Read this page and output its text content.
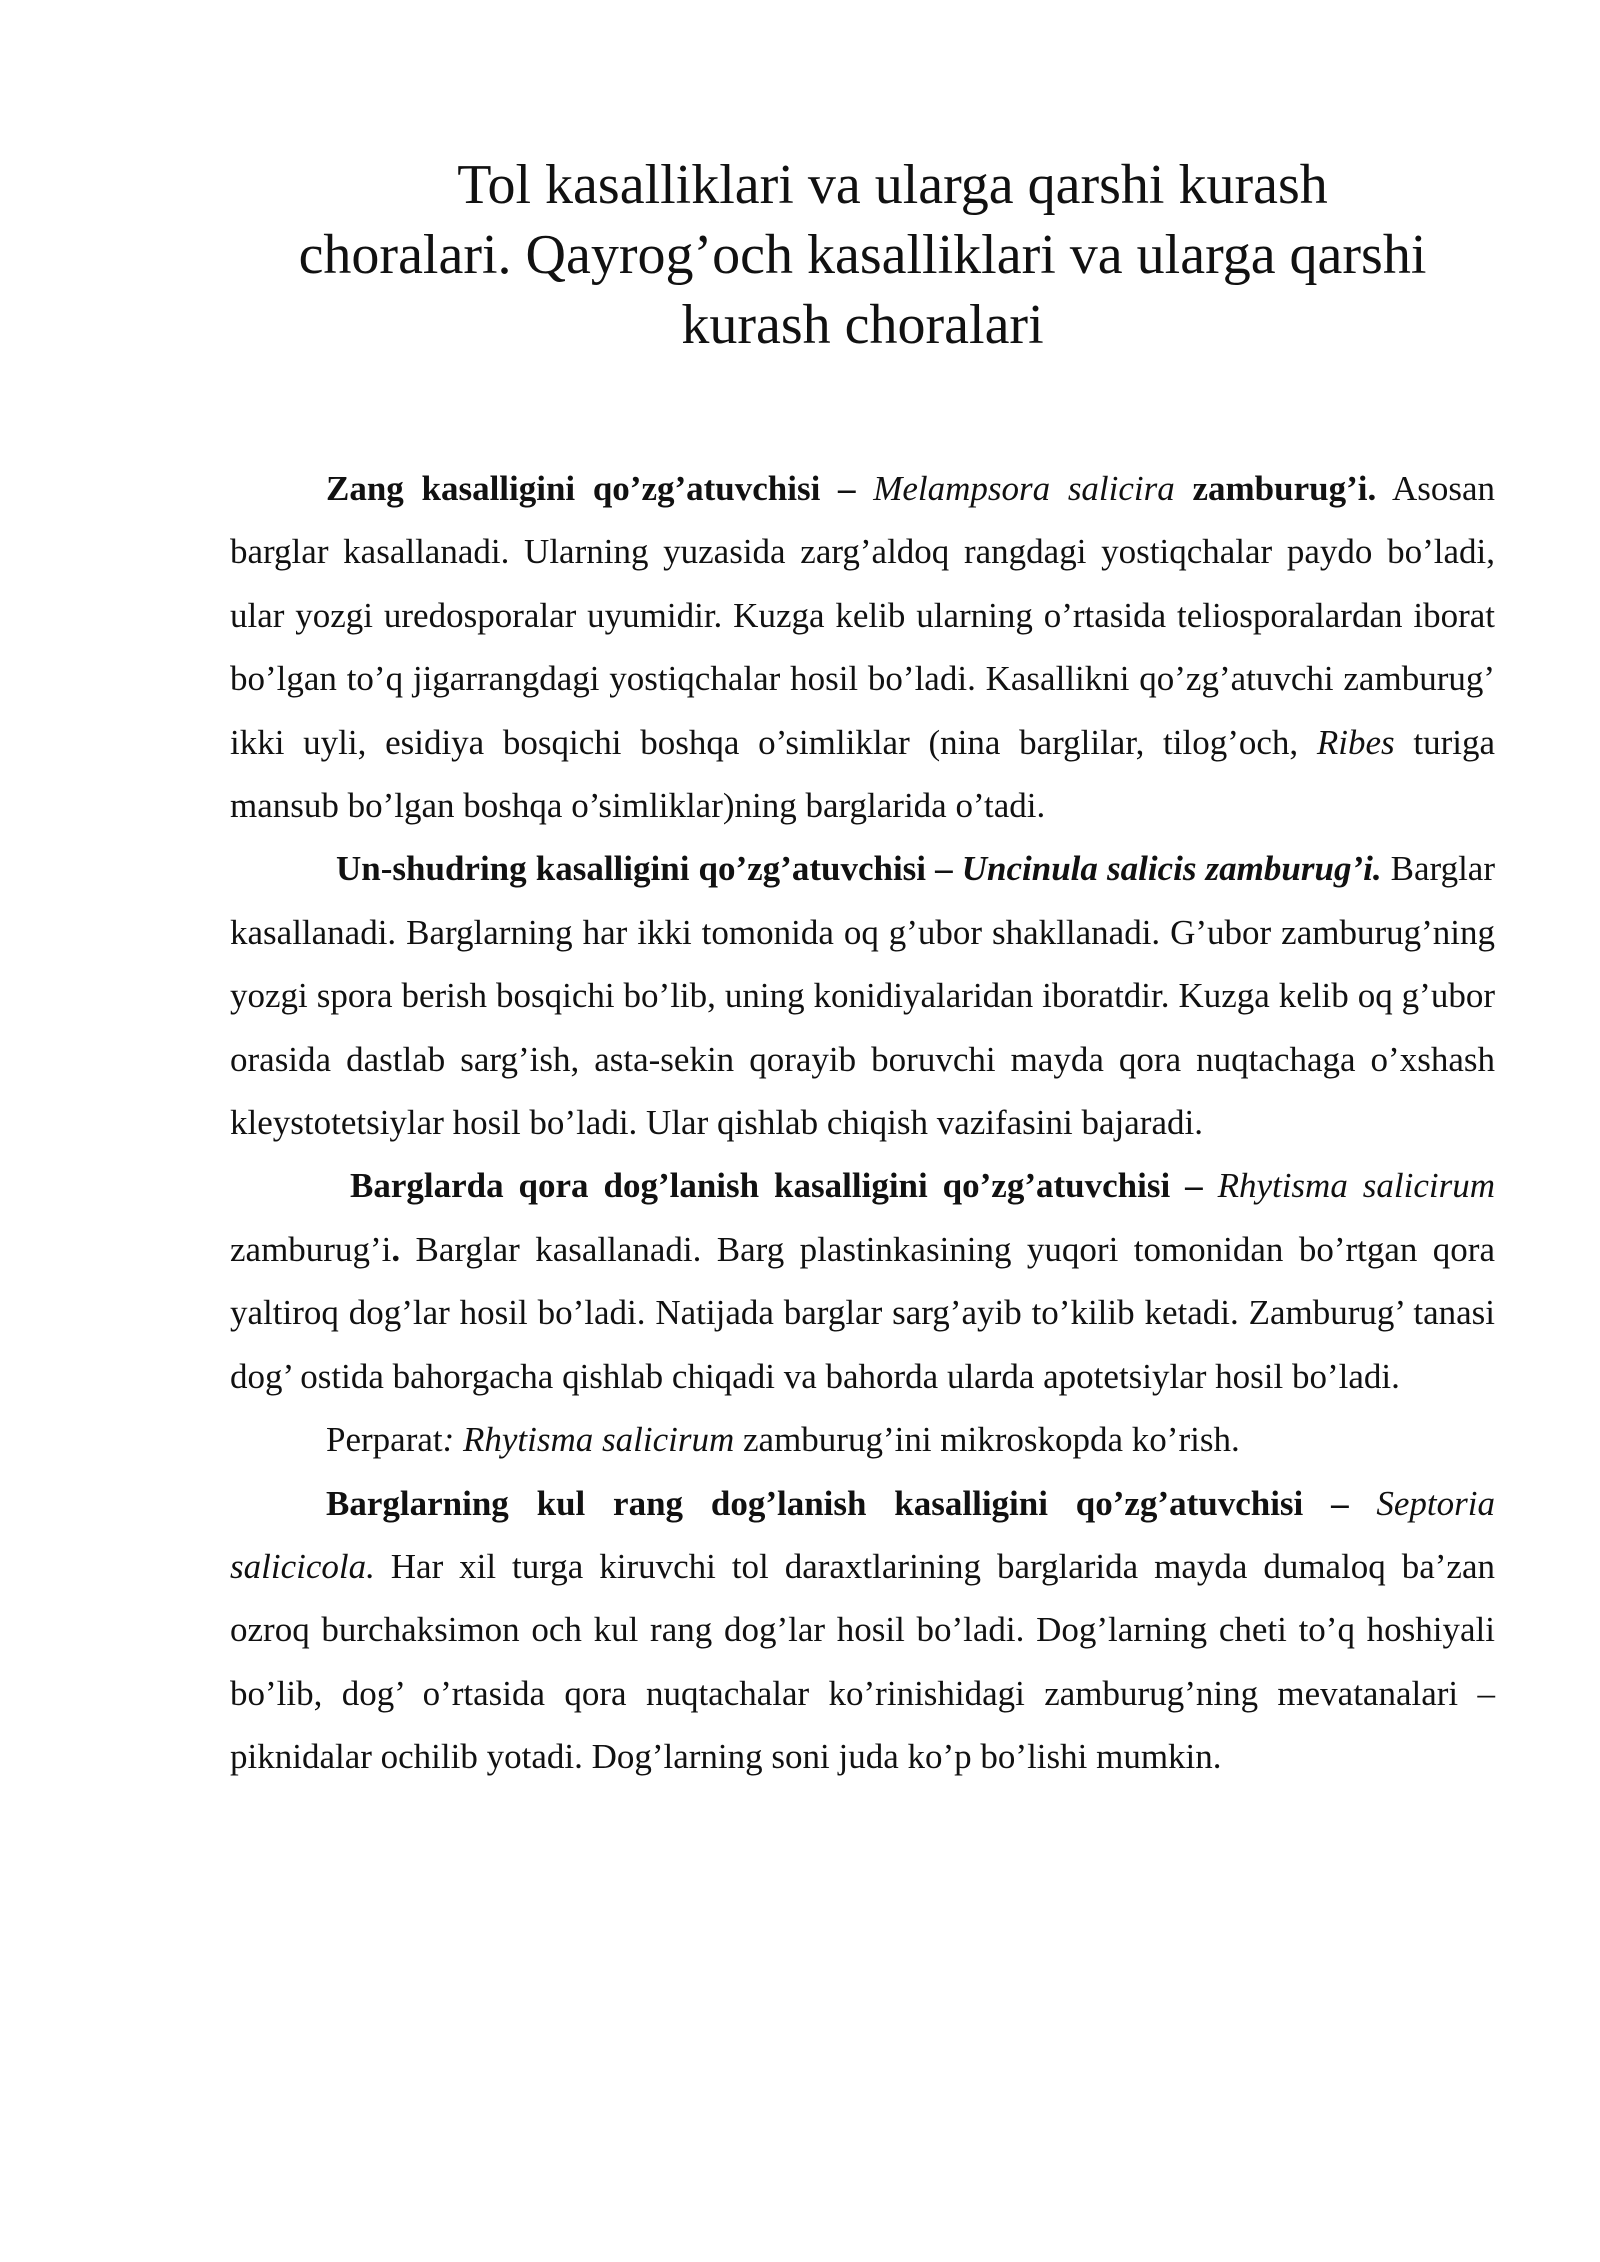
Tol kasalliklari va ularga qarshi kurash
choralari. Qayrog’och kasalliklari va ularga qarshi
kurash choralari

Zang kasalligini qo’zg’atuvchisi – Melampsora salicira zamburug’i. Asosan barglar kasallanadi. Ularning yuzasida zarg’aldoq rangdagi yostiqchalar paydo bo’ladi, ular yozgi uredosporalar uyumidir. Kuzga kelib ularning o’rtasida teliosporalardan iborat bo’lgan to’q jigarrangdagi yostiqchalar hosil bo’ladi. Kasallikni qo’zg’atuvchi zamburug’ ikki uyli, esidiya bosqichi boshqa o’simliklar (nina barglilar, tilog’och, Ribes turiga mansub bo’lgan boshqa o’simliklar)ning barglarida o’tadi.

Un-shudring kasalligini qo’zg’atuvchisi – Uncinula salicis zamburug’i. Barglar kasallanadi. Barglarning har ikki tomonida oq g’ubor shakllanadi. G’ubor zamburug’ning yozgi spora berish bosqichi bo’lib, uning konidiyalaridan iboratdir. Kuzga kelib oq g’ubor orasida dastlab sarg’ish, asta-sekin qorayib boruvchi mayda qora nuqtachaga o’xshash kleystotetsiylar hosil bo’ladi. Ular qishlab chiqish vazifasini bajaradi.

Barglarda qora dog’lanish kasalligini qo’zg’atuvchisi – Rhytisma salicirum zamburug’i. Barglar kasallanadi. Barg plastinkasining yuqori tomonidan bo’rtgan qora yaltiroq dog’lar hosil bo’ladi. Natijada barglar sarg’ayib to’kilib ketadi. Zamburug’ tanasi dog’ ostida bahorgacha qishlab chiqadi va bahorda ularda apotetsiylar hosil bo’ladi.

Perparat: Rhytisma salicirum zamburug’ini mikroskopda ko’rish.

Barglarning kul rang dog’lanish kasalligini qo’zg’atuvchisi – Septoria salicicola. Har xil turga kiruvchi tol daraxtlarining barglarida mayda dumaloq ba’zan ozroq burchaksimon och kul rang dog’lar hosil bo’ladi. Dog’larning cheti to’q hoshiyali bo’lib, dog’ o’rtasida qora nuqtachalar ko’rinishidagi zamburug’ning mevatanalari – piknidalar ochilib yotadi. Dog’larning soni juda ko’p bo’lishi mumkin.
